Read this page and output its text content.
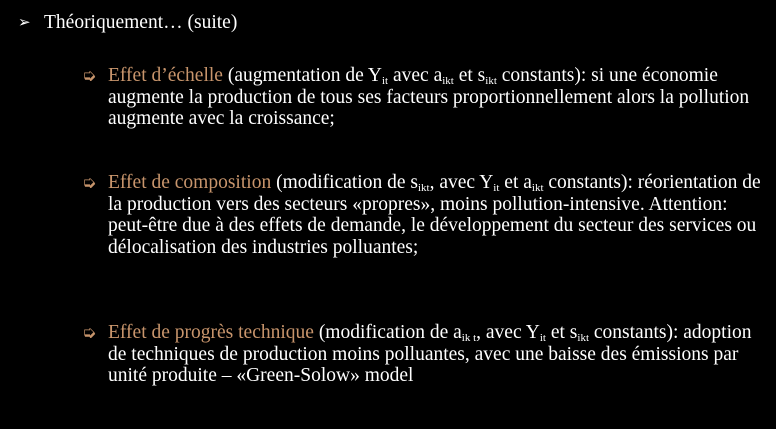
➢ Théoriquement… (suite)
➭ Effet d’échelle (augmentation de $Y_{it}$ avec $a_{ikt}$ et $s_{ikt}$ constants): si une économie augmente la production de tous ses facteurs proportionnellement alors la pollution augmente avec la croissance;
➭ Effet de composition (modification de $s_{ikt}$, avec $Y_{it}$ et $a_{ikt}$ constants): réorientation de la production vers des secteurs «propres», moins pollution-intensive. Attention: peut-être due à des effets de demande, le développement du secteur des services ou délocalisation des industries polluantes;
➭ Effet de progrès technique (modification de $a_{ik t}$, avec $Y_{it}$ et $s_{ikt}$ constants): adoption de techniques de production moins polluantes, avec une baisse des émissions par unité produite – «Green-Solow» model
